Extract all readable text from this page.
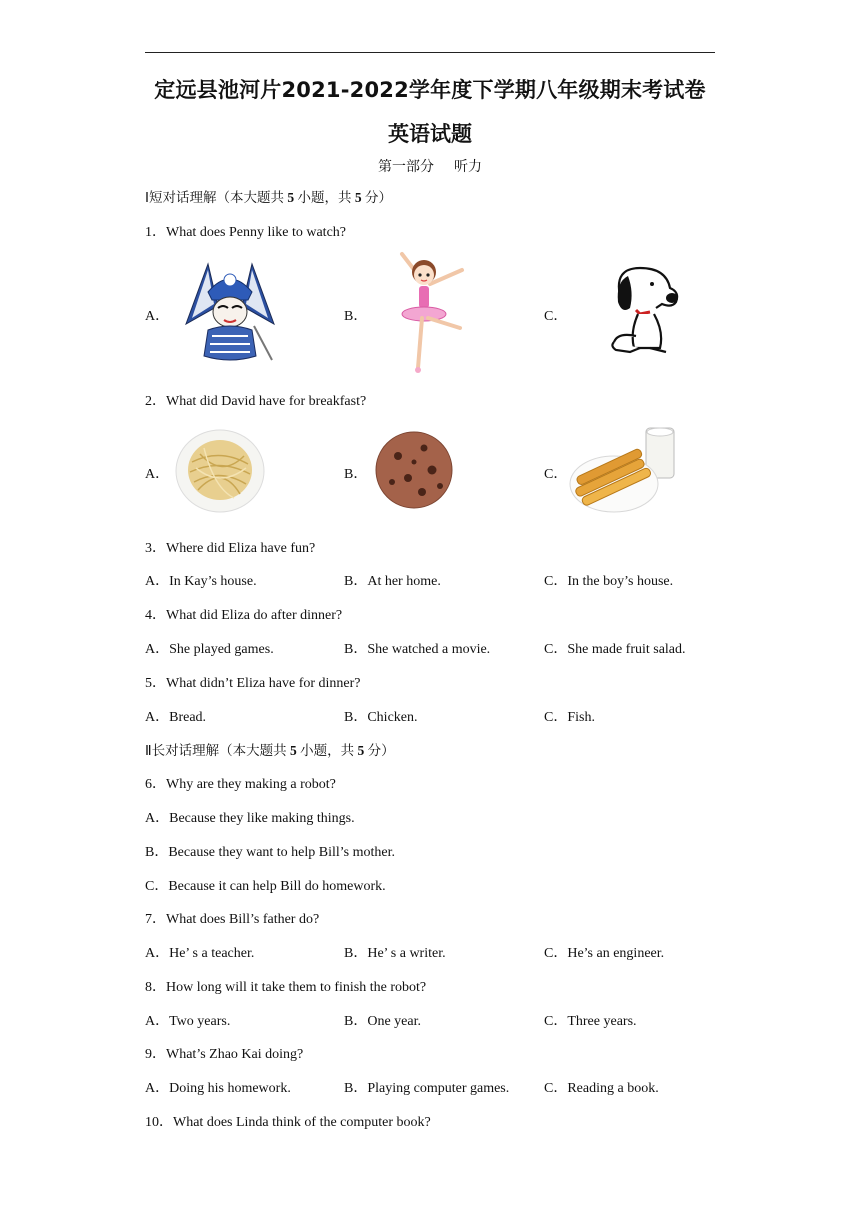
定远县池河片2021-2022学年度下学期八年级期末考试卷
英语试题
第一部分 听力
Ⅰ短对话理解（本大题共 5 小题，共 5 分）
1．What does Penny like to watch?
A．	B．	C．
2．What did David have for breakfast?
A．	B．	C．
3．Where did Eliza have fun?
A．In Kay’s house.	B．At her home.	C．In the boy’s house.
4．What did Eliza do after dinner?
A．She played games.	B．She watched a movie.	C．She made fruit salad.
5．What didn’t Eliza have for dinner?
A．Bread.	B．Chicken.	C．Fish.
Ⅱ长对话理解（本大题共 5 小题，共 5 分）
6．Why are they making a robot?
A．Because they like making things.
B．Because they want to help Bill’s mother.
C．Because it can help Bill do homework.
7．What does Bill’s father do?
A．He’ s a teacher.	B．He’ s a writer.	C．He’s an engineer.
8．How long will it take them to finish the robot?
A．Two years.	B．One year.	C．Three years.
9．What’s Zhao Kai doing?
A．Doing his homework.	B．Playing computer games. C．Reading a book.
10．What does Linda think of the computer book?
